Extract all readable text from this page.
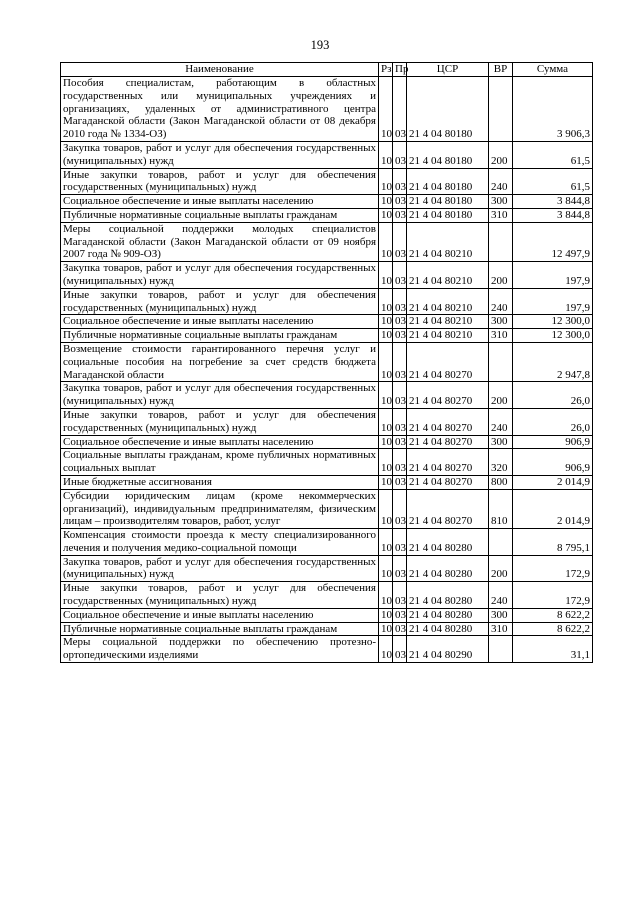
193
Наименование	Рз	Пр	ЦСР	ВР	Сумма
Пособия специалистам, работающим в областных государственных или муниципальных учреждениях и организациях, удаленных от административного центра Магаданской области (Закон Магаданской области от 08 декабря 2010 года № 1334-ОЗ)	10	03	21 4 04 80180		3 906,3
Закупка товаров, работ и услуг для обеспечения государственных (муниципальных) нужд	10	03	21 4 04 80180	200	61,5
Иные закупки товаров, работ и услуг для обеспечения государственных (муниципальных) нужд	10	03	21 4 04 80180	240	61,5
Социальное обеспечение и иные выплаты населению	10	03	21 4 04 80180	300	3 844,8
Публичные нормативные социальные выплаты гражданам	10	03	21 4 04 80180	310	3 844,8
Меры социальной поддержки молодых специалистов Магаданской области (Закон Магаданской области от 09 ноября 2007 года № 909-ОЗ)	10	03	21 4 04 80210		12 497,9
Закупка товаров, работ и услуг для обеспечения государственных (муниципальных) нужд	10	03	21 4 04 80210	200	197,9
Иные закупки товаров, работ и услуг для обеспечения государственных (муниципальных) нужд	10	03	21 4 04 80210	240	197,9
Социальное обеспечение и иные выплаты населению	10	03	21 4 04 80210	300	12 300,0
Публичные нормативные социальные выплаты гражданам	10	03	21 4 04 80210	310	12 300,0
Возмещение стоимости гарантированного перечня услуг и социальные пособия на погребение за счет средств бюджета Магаданской области	10	03	21 4 04 80270		2 947,8
Закупка товаров, работ и услуг для обеспечения государственных (муниципальных) нужд	10	03	21 4 04 80270	200	26,0
Иные закупки товаров, работ и услуг для обеспечения государственных (муниципальных) нужд	10	03	21 4 04 80270	240	26,0
Социальное обеспечение и иные выплаты населению	10	03	21 4 04 80270	300	906,9
Социальные выплаты гражданам, кроме публичных нормативных социальных выплат	10	03	21 4 04 80270	320	906,9
Иные бюджетные ассигнования	10	03	21 4 04 80270	800	2 014,9
Субсидии юридическим лицам (кроме некоммерческих организаций), индивидуальным предпринимателям, физическим лицам – производителям товаров, работ, услуг	10	03	21 4 04 80270	810	2 014,9
Компенсация стоимости проезда к месту специализированного лечения и получения медико-социальной помощи	10	03	21 4 04 80280		8 795,1
Закупка товаров, работ и услуг для обеспечения государственных (муниципальных) нужд	10	03	21 4 04 80280	200	172,9
Иные закупки товаров, работ и услуг для обеспечения государственных (муниципальных) нужд	10	03	21 4 04 80280	240	172,9
Социальное обеспечение и иные выплаты населению	10	03	21 4 04 80280	300	8 622,2
Публичные нормативные социальные выплаты гражданам	10	03	21 4 04 80280	310	8 622,2
Меры социальной поддержки по обеспечению протезно-ортопедическими изделиями	10	03	21 4 04 80290		31,1
